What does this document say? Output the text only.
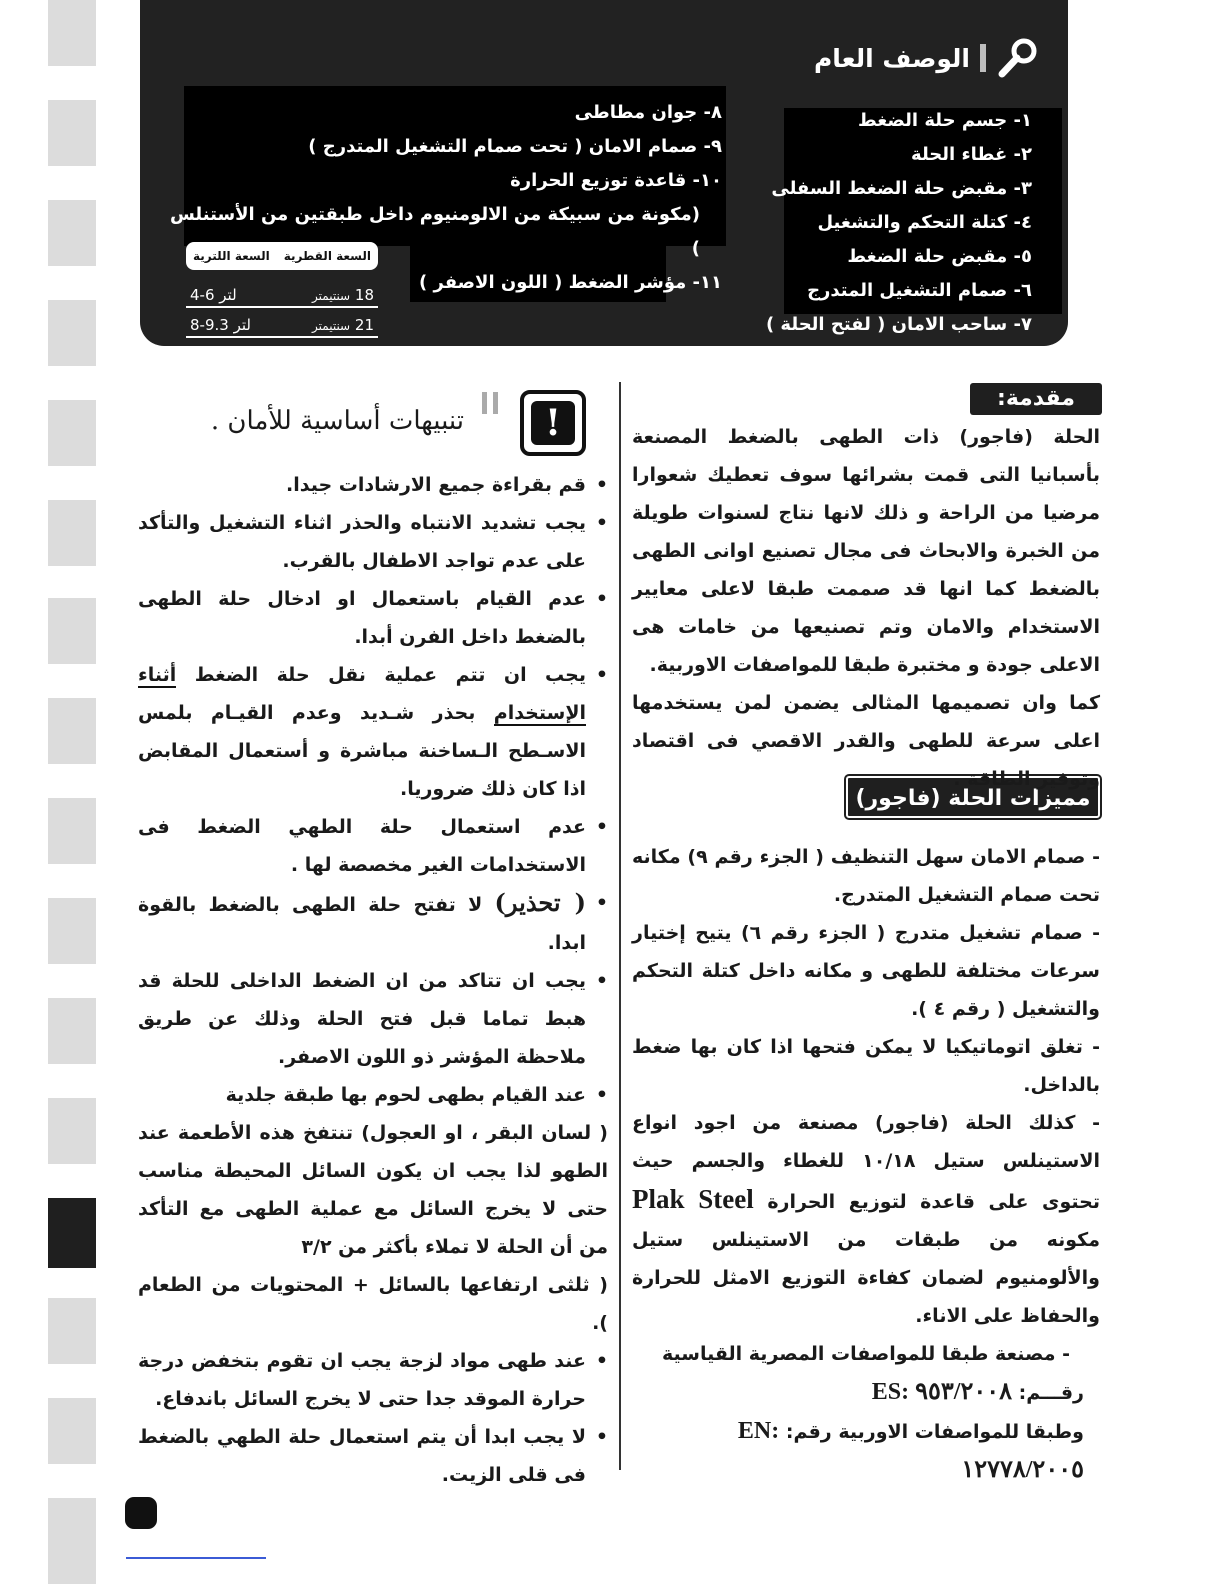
الوصف العام
١- جسم حلة الضغط
٢- غطاء الحلة
٣- مقبض حلة الضغط السفلى
٤- كتلة التحكم والتشغيل
٥- مقبض حلة الضغط
٦- صمام التشغيل المتدرج
٧- ساحب الامان ( لفتح الحلة )
٨- جوان مطاطى
٩- صمام الامان ( تحت صمام التشغيل المتدرج )
١٠- قاعدة توزيع الحرارة
(مكونة من سبيكة من الالومنيوم داخل طبقتين من الأستنلس )
١١- مؤشر الضغط ( اللون الاصفر )
السعة القطرية
السعة اللترية
18 سنتيمتر
لتر 4-6
21 سنتيمتر
لتر 8-9.3
مقدمة:
مميزات الحلة (فاجور)

الحلة (فاجور) ذات الطهى بالضغط المصنعة بأسبانيا التى قمت بشرائها سوف تعطيك شعوارا مرضيا من الراحة و ذلك لانها نتاج لسنوات طويلة من الخبرة والابحاث فى مجال تصنيع اوانى الطهى بالضغط كما انها قد صممت طبقا لاعلى معايير الاستخدام والامان وتم تصنيعها من خامات هى الاعلى جودة و مختبرة طبقا للمواصفات الاوربية.

كما وان تصميمها المثالى يضمن لمن يستخدمها اعلى سرعة للطهى والقدر الاقصي فى اقتصاد وتوفير الطاقة .

- صمام الامان سهل التنظيف ( الجزء رقم ٩) مكانه تحت صمام التشغيل المتدرج.

- صمام تشغيل متدرج ( الجزء رقم ٦) يتيح إختيار سرعات مختلفة للطهى و مكانه داخل كتلة التحكم والتشغيل ( رقم ٤ ).

- تغلق اتوماتيكيا لا يمكن فتحها اذا كان بها ضغط بالداخل.

- كذلك الحلة (فاجور) مصنعة من اجود انواع الاستينلس ستيل ١٠/١٨ للغطاء والجسم حيث تحتوى على قاعدة لتوزيع الحرارة Plak Steel مكونه من طبقات من الاستينلس ستيل والألومنيوم لضمان كفاءة التوزيع الامثل للحرارة والحفاظ على الاناء.

- مصنعة طبقا للمواصفات المصرية القياسية

رقـــم: ES: ٩٥٣/٢٠٠٨

وطبقا للمواصفات الاوربية رقم: EN: ١٢٧٧٨/٢٠٠٥

!
تنبيهات أساسية للأمان .

• قم بقراءة جميع الارشادات جيدا.

• يجب تشديد الانتباه والحذر اثناء التشغيل والتأكد على عدم تواجد الاطفال بالقرب.

• عدم القيام باستعمال او ادخال حلة الطهى بالضغط داخل الفرن أبدا.

• يجب ان تتم عملية نقل حلة الضغط أثناء الإستخدام بحذر شـديد وعدم القيـام بلمس الاسـطح الـساخنة مباشرة و أستعمال المقابض اذا كان ذلك ضروريا.

• عدم استعمال حلة الطهي الضغط فى الاستخدامات الغير مخصصة لها .

• ( تحذير) لا تفتح حلة الطهى بالضغط بالقوة ابدا.

• يجب ان تتاكد من ان الضغط الداخلى للحلة قد هبط تماما قبل فتح الحلة وذلك عن طريق ملاحظة المؤشر ذو اللون الاصفر.

• عند القيام بطهى لحوم بها طبقة جلدية

( لسان البقر ، او العجول) تنتفخ هذه الأطعمة عند الطهو لذا يجب ان يكون السائل المحيطة مناسب حتى لا يخرج السائل مع عملية الطهى مع التأكد من أن الحلة لا تملاء بأكثر من ٣/٢

( ثلثى ارتفاعها بالسائل + المحتويات من الطعام ).

• عند طهى مواد لزجة يجب ان تقوم بتخفض درجة حرارة الموقد جدا حتى لا يخرج السائل باندفاع.

• لا يجب ابدا أن يتم استعمال حلة الطهي بالضغط فى قلى الزيت.
